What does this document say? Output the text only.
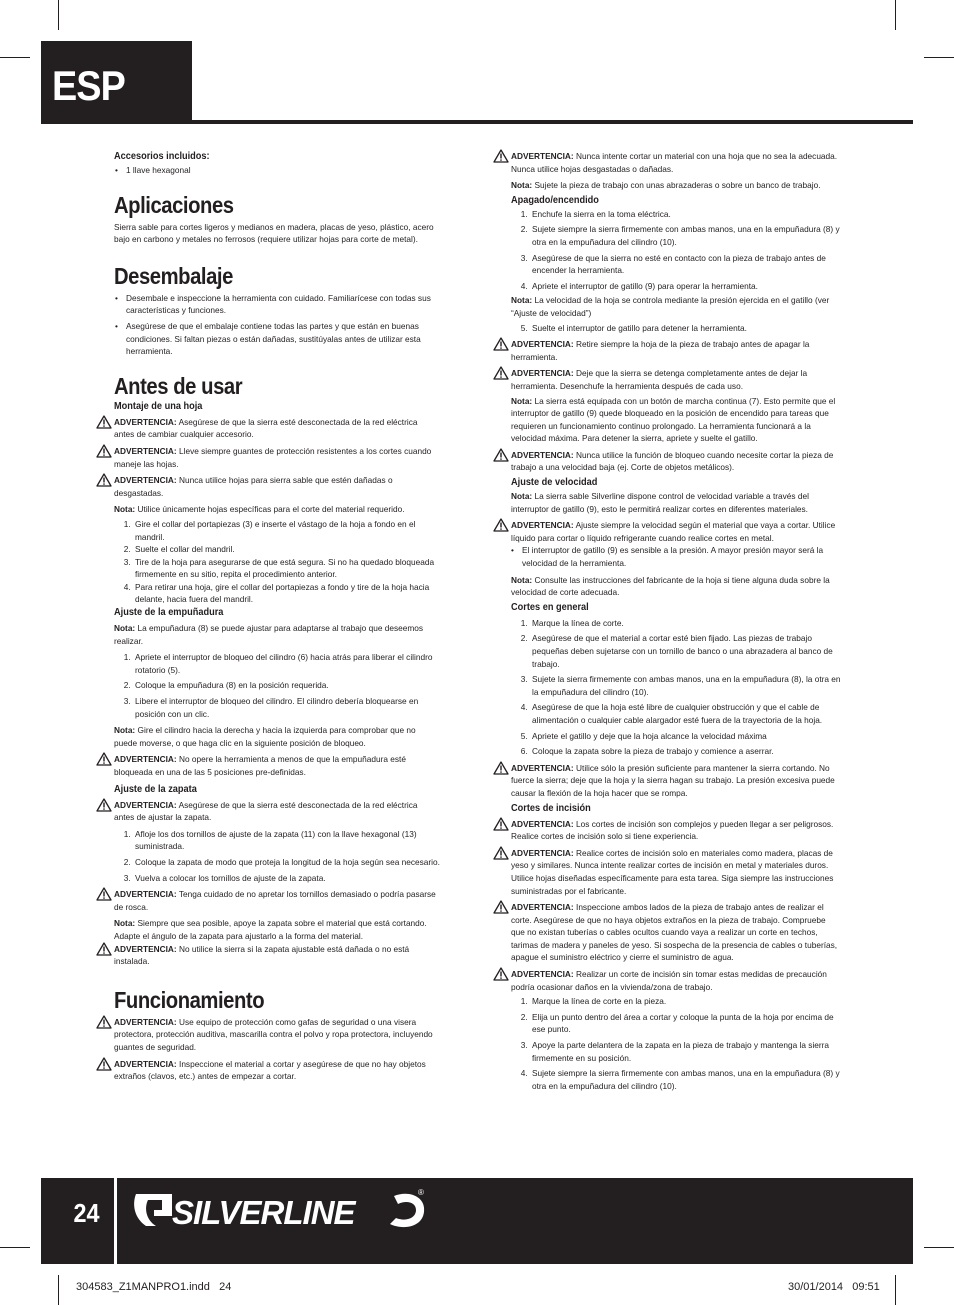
ESP
Accesorios incluidos:
• 1 llave hexagonal
Aplicaciones

Sierra sable para cortes ligeros y medianos en madera, placas de yeso, plástico, acero bajo en carbono y metales no ferrosos (requiere utilizar hojas para corte de metal).

Desembalaje
• Desembale e inspeccione la herramienta con cuidado. Familiarícese con todas sus características y funciones.
• Asegúrese de que el embalaje contiene todas las partes y que están en buenas condiciones. Si faltan piezas o están dañadas, sustitúyalas antes de utilizar esta herramienta.
Antes de usar
Montaje de una hoja

ADVERTENCIA: Asegúrese de que la sierra esté desconectada de la red eléctrica antes de cambiar cualquier accesorio.

ADVERTENCIA: Lleve siempre guantes de protección resistentes a los cortes cuando maneje las hojas.

ADVERTENCIA: Nunca utilice hojas para sierra sable que estén dañadas o desgastadas.

Nota: Utilice únicamente hojas específicas para el corte del material requerido.

1. Gire el collar del portapiezas (3) e inserte el vástago de la hoja a fondo en el mandril.
2. Suelte el collar del mandril.
3. Tire de la hoja para asegurarse de que está segura. Si no ha quedado bloqueada firmemente en su sitio, repita el procedimiento anterior.
4. Para retirar una hoja, gire el collar del portapiezas a fondo y tire de la hoja hacia delante, hacia fuera del mandril.
Ajuste de la empuñadura

Nota: La empuñadura (8) se puede ajustar para adaptarse al trabajo que deseemos realizar.

1. Apriete el interruptor de bloqueo del cilindro (6) hacia atrás para liberar el cilindro rotatorio (5).
2. Coloque la empuñadura (8) en la posición requerida.
3. Libere el interruptor de bloqueo del cilindro. El cilindro debería bloquearse en posición con un clic.

Nota: Gire el cilindro hacia la derecha y hacia la izquierda para comprobar que no puede moverse, o que haga clic en la siguiente posición de bloqueo.

ADVERTENCIA: No opere la herramienta a menos de que la empuñadura esté bloqueada en una de las 5 posiciones pre-definidas.

Ajuste de la zapata

ADVERTENCIA: Asegúrese de que la sierra esté desconectada de la red eléctrica antes de ajustar la zapata.

1. Afloje los dos tornillos de ajuste de la zapata (11) con la llave hexagonal (13) suministrada.
2. Coloque la zapata de modo que proteja la longitud de la hoja según sea necesario.
3. Vuelva a colocar los tornillos de ajuste de la zapata.

ADVERTENCIA: Tenga cuidado de no apretar los tornillos demasiado o podría pasarse de rosca.

Nota: Siempre que sea posible, apoye la zapata sobre el material que está cortando. Adapte el ángulo de la zapata para ajustarlo a la forma del material.

ADVERTENCIA: No utilice la sierra si la zapata ajustable está dañada o no está instalada.

Funcionamiento

ADVERTENCIA: Use equipo de protección como gafas de seguridad o una visera protectora, protección auditiva, mascarilla contra el polvo y ropa protectora, incluyendo guantes de seguridad.

ADVERTENCIA: Inspeccione el material a cortar y asegúrese de que no hay objetos extraños (clavos, etc.) antes de empezar a cortar.

ADVERTENCIA: Nunca intente cortar un material con una hoja que no sea la adecuada. Nunca utilice hojas desgastadas o dañadas.

Nota: Sujete la pieza de trabajo con unas abrazaderas o sobre un banco de trabajo.

Apagado/encendido
1. Enchufe la sierra en la toma eléctrica.
2. Sujete siempre la sierra firmemente con ambas manos, una en la empuñadura (8) y otra en la empuñadura del cilindro (10).
3. Asegúrese de que la sierra no esté en contacto con la pieza de trabajo antes de encender la herramienta.
4. Apriete el interruptor de gatillo (9) para operar la herramienta.

Nota: La velocidad de la hoja se controla mediante la presión ejercida en el gatillo (ver “Ajuste de velocidad”)

5. Suelte el interruptor de gatillo para detener la herramienta.

ADVERTENCIA: Retire siempre la hoja de la pieza de trabajo antes de apagar la herramienta.

ADVERTENCIA: Deje que la sierra se detenga completamente antes de dejar la herramienta. Desenchufe la herramienta después de cada uso.

Nota: La sierra está equipada con un botón de marcha continua (7). Esto permite que el interruptor de gatillo (9) quede bloqueado en la posición de encendido para tareas que requieren un funcionamiento continuo prolongado. La herramienta funcionará a la velocidad máxima. Para detener la sierra, apriete y suelte el gatillo.

ADVERTENCIA: Nunca utilice la función de bloqueo cuando necesite cortar la pieza de trabajo a una velocidad baja (ej. Corte de objetos metálicos).

Ajuste de velocidad

Nota: La sierra sable Silverline dispone control de velocidad variable a través del interruptor de gatillo (9), esto le permitirá realizar cortes en diferentes materiales.

ADVERTENCIA: Ajuste siempre la velocidad según el material que vaya a cortar. Utilice líquido para cortar o líquido refrigerante cuando realice cortes en metal.

• El interruptor de gatillo (9) es sensible a la presión. A mayor presión mayor será la velocidad de la herramienta.

Nota: Consulte las instrucciones del fabricante de la hoja si tiene alguna duda sobre la velocidad de corte adecuada.

Cortes en general
1. Marque la línea de corte.
2. Asegúrese de que el material a cortar esté bien fijado. Las piezas de trabajo pequeñas deben sujetarse con un tornillo de banco o una abrazadera al banco de trabajo.
3. Sujete la sierra firmemente con ambas manos, una en la empuñadura (8), la otra en la empuñadura del cilindro (10).
4. Asegúrese de que la hoja esté libre de cualquier obstrucción y que el cable de alimentación o cualquier cable alargador esté fuera de la trayectoria de la hoja.
5. Apriete el gatillo y deje que la hoja alcance la velocidad máxima
6. Coloque la zapata sobre la pieza de trabajo y comience a aserrar.

ADVERTENCIA: Utilice sólo la presión suficiente para mantener la sierra cortando. No fuerce la sierra; deje que la hoja y la sierra hagan su trabajo. La presión excesiva puede causar la flexión de la hoja hacer que se rompa.

Cortes de incisión

ADVERTENCIA: Los cortes de incisión son complejos y pueden llegar a ser peligrosos. Realice cortes de incisión solo si tiene experiencia.

ADVERTENCIA: Realice cortes de incisión solo en materiales como madera, placas de yeso y similares. Nunca intente realizar cortes de incisión en metal y materiales duros. Utilice hojas diseñadas específicamente para esta tarea. Siga siempre las instrucciones suministradas por el fabricante.

ADVERTENCIA: Inspeccione ambos lados de la pieza de trabajo antes de realizar el corte. Asegúrese de que no haya objetos extraños en la pieza de trabajo. Compruebe que no existan tuberías o cables ocultos cuando vaya a realizar un corte en techos, tarimas de madera y paneles de yeso. Si sospecha de la presencia de cables o tuberías, apague el suministro eléctrico y cierre el suministro de agua.

ADVERTENCIA: Realizar un corte de incisión sin tomar estas medidas de precaución podría ocasionar daños en la vivienda/zona de trabajo.

1. Marque la línea de corte en la pieza.
2. Elija un punto dentro del área a cortar y coloque la punta de la hoja por encima de ese punto.
3. Apoye la parte delantera de la zapata en la pieza de trabajo y mantenga la sierra firmemente en su posición.
4. Sujete siempre la sierra firmemente con ambas manos, una en la empuñadura (8) y otra en la empuñadura del cilindro (10).
24 SILVERLINE
®
304583_Z1MANPRO1.indd   24	30/01/2014   09:51
